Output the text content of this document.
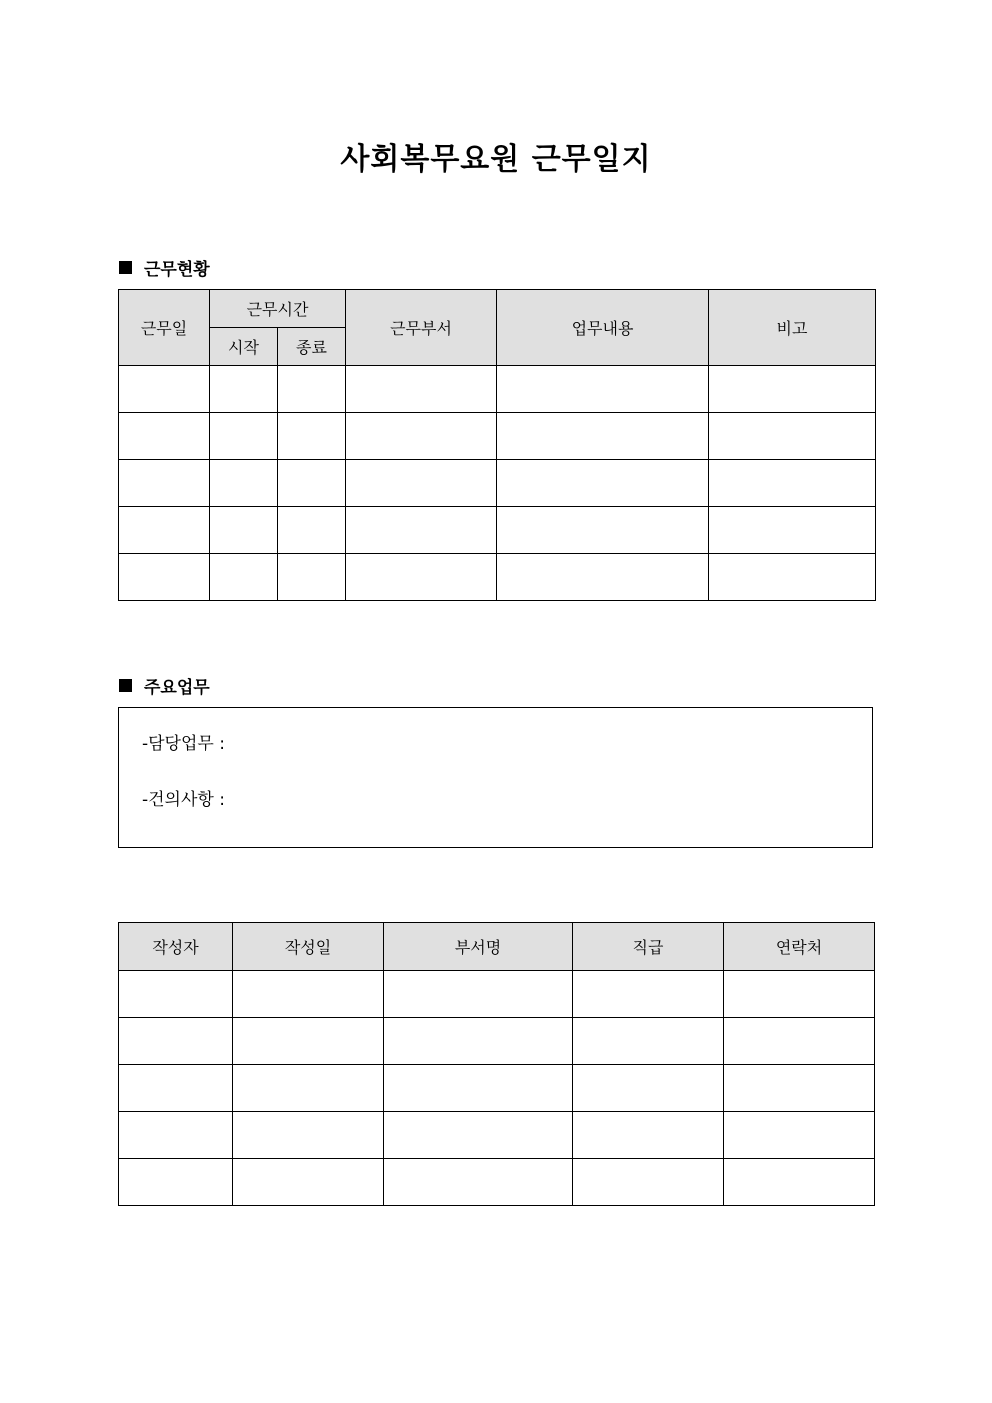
사회복무요원 근무일지
근무현황
근무일	근무시간		근무부서	업무내용	비고
	시작	종료			

주요업무
-담당업무 :
-건의사항 :
작성자	작성일	부서명	직급	연락처
